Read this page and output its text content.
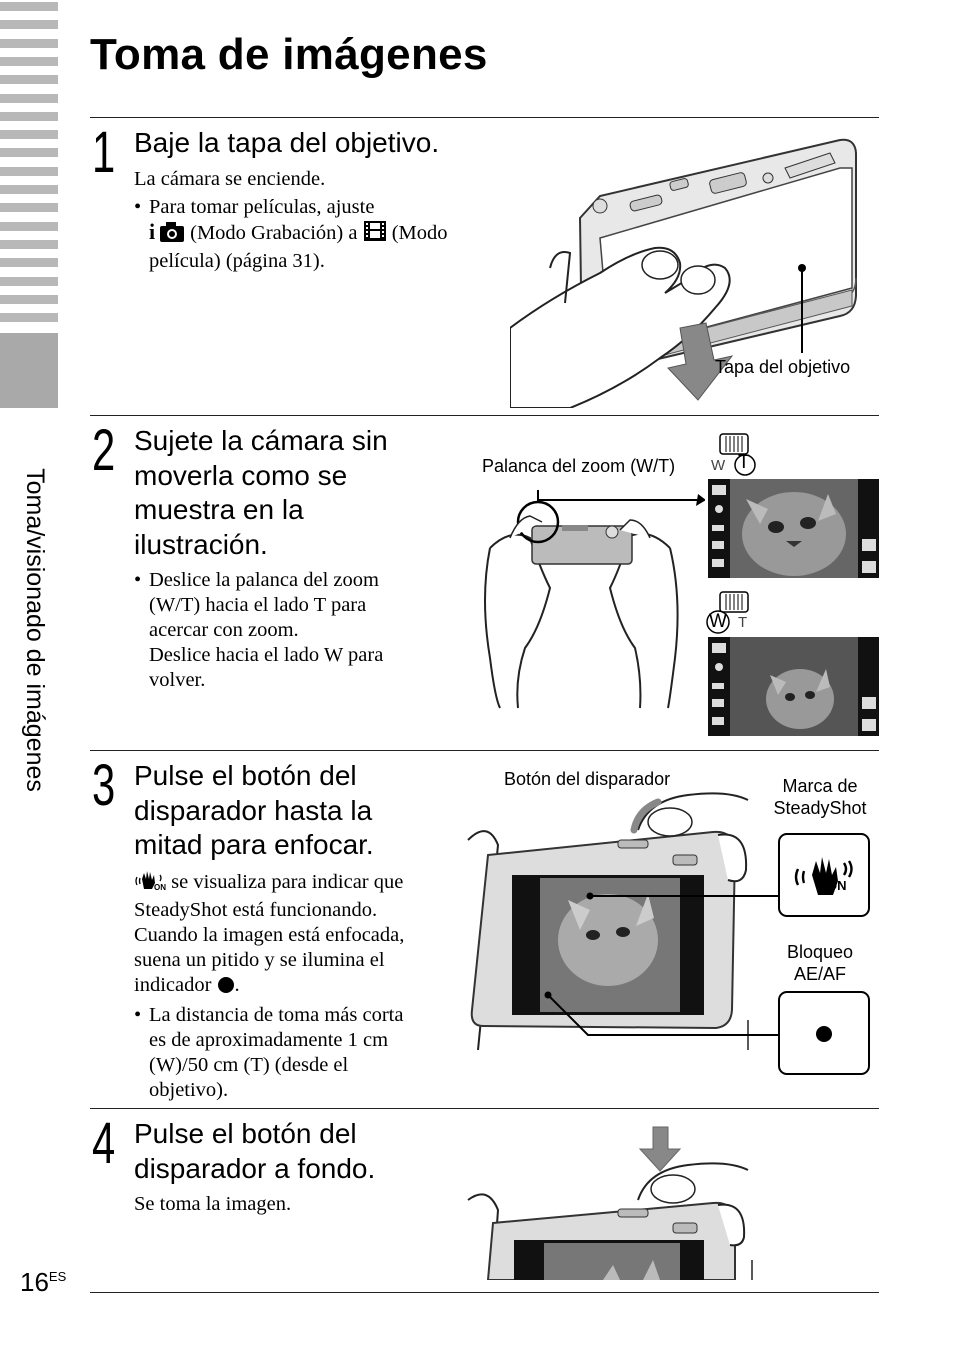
Toma/visionado de imágenes
Toma de imágenes
1 Baje la tapa del objetivo.
La cámara se enciende.
• Para tomar películas, ajuste
i (Modo Grabación) a (Modo
película) (página 31).
Tapa del objetivo
2 Sujete la cámara sin
moverla como se
muestra en la
ilustración.
• Deslice la palanca del zoom
(W/T) hacia el lado T para
acercar con zoom.
Deslice hacia el lado W para
volver.
Palanca del zoom (W/T) W T
W T
3 Pulse el botón del
disparador hasta la
mitad para enfocar.
ON se visualiza para indicar que
SteadyShot está funcionando.
Cuando la imagen está enfocada,
suena un pitido y se ilumina el
indicador .
• La distancia de toma más corta
es de aproximadamente 1 cm
(W)/50 cm (T) (desde el
objetivo).
Botón del disparador	Marca de
SteadyShot
Bloqueo
AE/AF
ON
4 Pulse el botón del
disparador a fondo.
Se toma la imagen.
$16^{ES}$
